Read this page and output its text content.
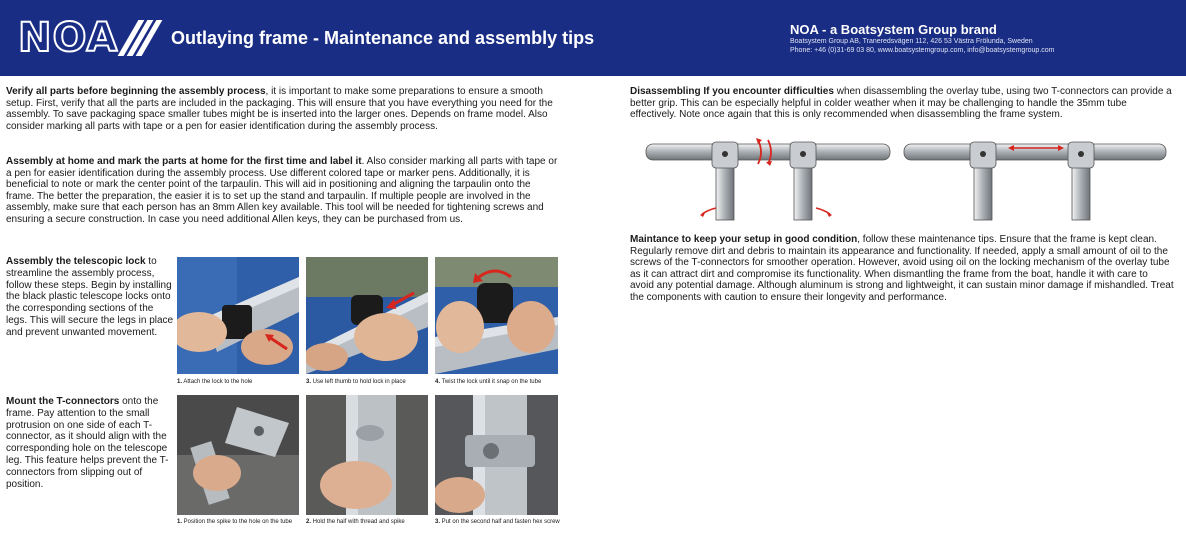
NOA	Outlaying frame - Maintenance and assembly tips	NOA - a Boatsystem Group brand
Boatsystem Group AB, Traneredsvägen 112, 426 53 Västra Frölunda, Sweden
Phone: +46 (0)31-69 03 80, www.boatsystemgroup.com, info@boatsystemgroup.com
Verify all parts before beginning the assembly process, it is important to make some preparations to ensure a smooth setup. First, verify that all the parts are included in the packaging. This will ensure that you have everything you need for the assembly. To save packaging space smaller tubes might be is inserted into the larger ones. Depends on frame model. Also consider marking all parts with tape or a pen for easier identification during the assembly process.
Assembly at home and mark the parts at home for the first time and label it. Also consider marking all parts with tape or a pen for easier identification during the assembly process. Use different colored tape or marker pens. Additionally, it is beneficial to note or mark the center point of the tarpaulin. This will aid in positioning and aligning the tarpaulin onto the frame. The better the preparation, the easier it is to set up the stand and tarpaulin. If multiple people are involved in the assembly, make sure that each person has an 8mm Allen key available. This tool will be needed for tightening screws and ensuring a secure construction. In case you need additional Allen keys, they can be purchased from us.
Assembly the telescopic lock to streamline the assembly process, follow these steps. Begin by installing the black plastic telescope locks onto the corresponding sections of the legs. This will secure the legs in place and prevent unwanted movement.
Mount the T-connectors onto the frame. Pay attention to the small protrusion on one side of each T-connector, as it should align with the corresponding hole on the telescope leg. This feature helps prevent the T-connectors from slipping out of position.
1. Attach the lock to the hole	3. Use left thumb to hold lock in place	4. Twist the lock until it snap on the tube
1. Position the spike to the hole on the tube 2. Hold the half with thread and spike	3. Put on the second half and fasten hex screw
Disassembling If you encounter difficulties when disassembling the overlay tube, using two T-connectors can provide a better grip. This can be especially helpful in colder weather when it may be challenging to handle the 35mm tube effectively. Note once again that this is only recommended when disassembling the frame system.
Maintance to keep your setup in good condition, follow these maintenance tips. Ensure that the frame is kept clean. Regularly remove dirt and debris to maintain its appearance and functionality. If needed, apply a small amount of oil to the screws of the T-connectors for smoother operation. However, avoid using oil on the locking mechanism of the overlay tube as it can attract dirt and compromise its functionality. When dismantling the frame from the boat, handle it with care to avoid any potential damage. Although aluminum is strong and lightweight, it can sustain minor damage if mishandled. Treat the components with caution to ensure their longevity and performance.
